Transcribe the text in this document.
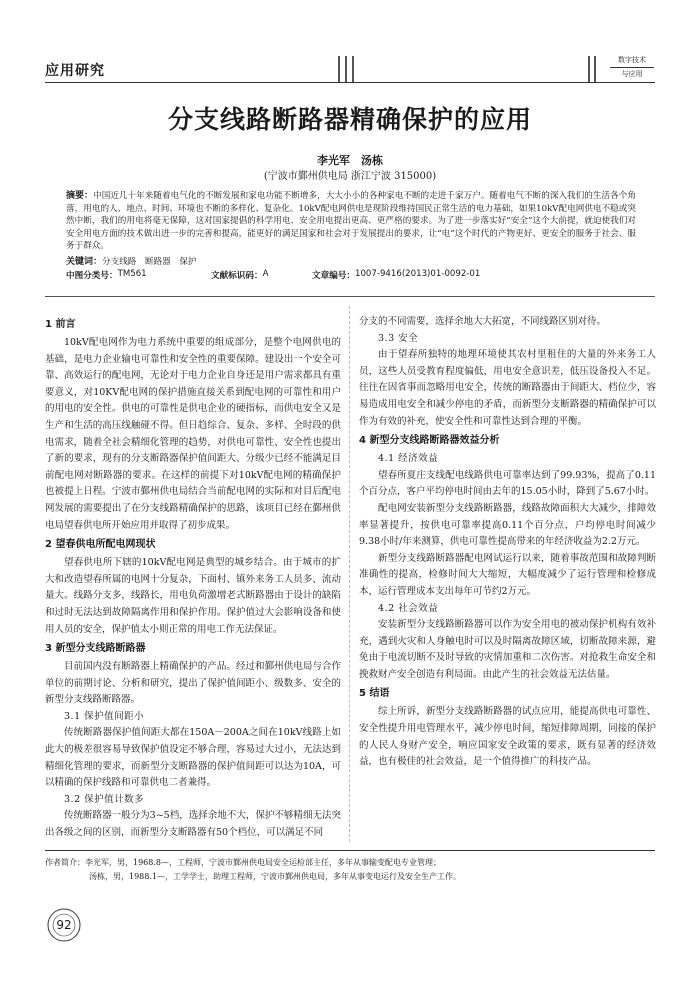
应用研究
数字技术
与应用
分支线路断路器精确保护的应用
李光军　汤栋
(宁波市鄞州供电局 浙江宁波 315000)
摘要：中国近几十年来随着电气化的不断发展和家电功能不断增多，大大小小的各种家电不断的走进千家万户。随着电气不断的深入我们的生活各个角落，用电的人、地点、时间、环境也不断的多样化、复杂化。10kV配电网供电是现阶段维持国民正常生活的电力基础，如果10kV配电网供电不稳或突然中断，我们的用电将毫无保障，这对国家提倡的科学用电、安全用电提出更高、更严格的要求。为了进一步落实好“安全”这个大前提，就迫使我们对安全用电方面的技术做出进一步的完善和提高，能更好的满足国家和社会对于发展提出的要求，让“电”这个时代的产物更好、更安全的服务于社会、服务于群众。
关键词：分支线路　断路器　保护
中图分类号： TM561	文献标识码： A	文章编号： 1007-9416(2013)01-0092-01
1 前言

10kV配电网作为电力系统中重要的组成部分，是整个电网供电的基础，是电力企业输电可靠性和安全性的重要保障。建设出一个安全可靠、高效运行的配电网，无论对于电力企业自身还是用户需求都具有重要意义，对10KV配电网的保护措施直接关系到配电网的可靠性和用户的用电的安全性。供电的可靠性是供电企业的硬指标，而供电安全又是生产和生活的高压线触碰不得。但日趋综合、复杂、多样、全时段的供电需求，随着全社会精细化管理的趋势，对供电可靠性、安全性也提出了新的要求，现有的分支断路器保护值间距大、分级少已经不能满足目前配电网对断路器的要求。在这样的前提下对10kV配电网的精确保护也被提上日程。宁波市鄞州供电局结合当前配电网的实际和对目后配电网发展的需要提出了在分支线路精确保护的思路，该项目已经在鄞州供电局望春供电所开始应用并取得了初步成果。

2 望春供电所配电网现状

望春供电所下辖的10kV配电网是典型的城乡结合。由于城市的扩大和改造望春所属的电网十分复杂，下面村、镇外来务工人员多、流动量大。线路分支多，线路长，用电负荷激增老式断路器由于设计的缺陷和过时无法达到故障隔离作用和保护作用。保护值过大会影响设备和使用人员的安全，保护值太小则正常的用电工作无法保证。

3 新型分支线路断路器

目前国内没有断路器上精确保护的产品。经过和鄞州供电局与合作单位的前期讨论、分析和研究，提出了保护值间距小、级数多、安全的新型分支线路断路器。

3.1 保护值间距小

传统断路器保护值间距大都在150A－200A之间在10kV线路上如此大的极差很容易导致保护值设定不够合理，容易过大过小，无法达到精细化管理的要求，而新型分支断路器的保护值间距可以达为10A，可以精确的保护线路和可靠供电二者兼得。

3.2 保护值计数多

传统断路器一般分为3~5档，选择余地不大，保护不够精细无法突出各级之间的区别，而新型分支断路器有50个档位，可以满足不同

分支的不同需要，选择余地大大拓宽，不同线路区别对待。

3.3 安全

由于望春所独特的地理环境使其农村里租住的大量的外来务工人员，这些人员受教育程度偏低，用电安全意识差，低压设备投入不足。往往在因省事而忽略用电安全，传统的断路器由于间距大、档位少，容易造成用电安全和减少停电的矛盾，而新型分支断路器的精确保护可以作为有效的补充，使安全性和可靠性达到合理的平衡。

4 新型分支线路断路器效益分析
4.1 经济效益

望春所夏庄支线配电线路供电可靠率达到了99.93%，提高了0.11个百分点，客户平均停电时间由去年的15.05小时，降到了5.67小时。

配电网安装新型分支线路断路器，线路故障面积大大减少，排障效率显著提升，按供电可靠率提高0.11个百分点，户均停电时间减少9.38小时/年来测算，供电可靠性提高带来的年经济收益为2.2万元。

新型分支线路断路器配电网试运行以来，随着事故范围和故障判断准确性的提高，检修时间大大缩短，大幅度减少了运行管理和检修成本，运行管理成本支出每年可节约2万元。

4.2 社会效益

安装新型分支线路断路器可以作为安全用电的被动保护机构有效补充，遇到火灾和人身触电时可以及时隔离故障区域，切断故障来源，避免由于电流切断不及时导致的灾情加重和二次伤害。对抢救生命安全和挽救财产安全创造有利局面。由此产生的社会效益无法估量。

5 结语

综上所诉，新型分支线路断路器的试点应用，能提高供电可靠性、安全性提升用电管理水平，减少停电时间，缩短排障周期，同接的保护的人民人身财产安全，响应国家安全政策的要求，既有显著的经济效益，也有极佳的社会效益，是一个值得推广的科技产品。

作者简介：李光军，男，1968.8—，工程师，宁波市鄞州供电局安全运检部主任，多年从事输变配电专业管理；
汤栋，男，1988.1—，工学学士，助理工程师，宁波市鄞州供电局，多年从事变电运行及安全生产工作。
92
